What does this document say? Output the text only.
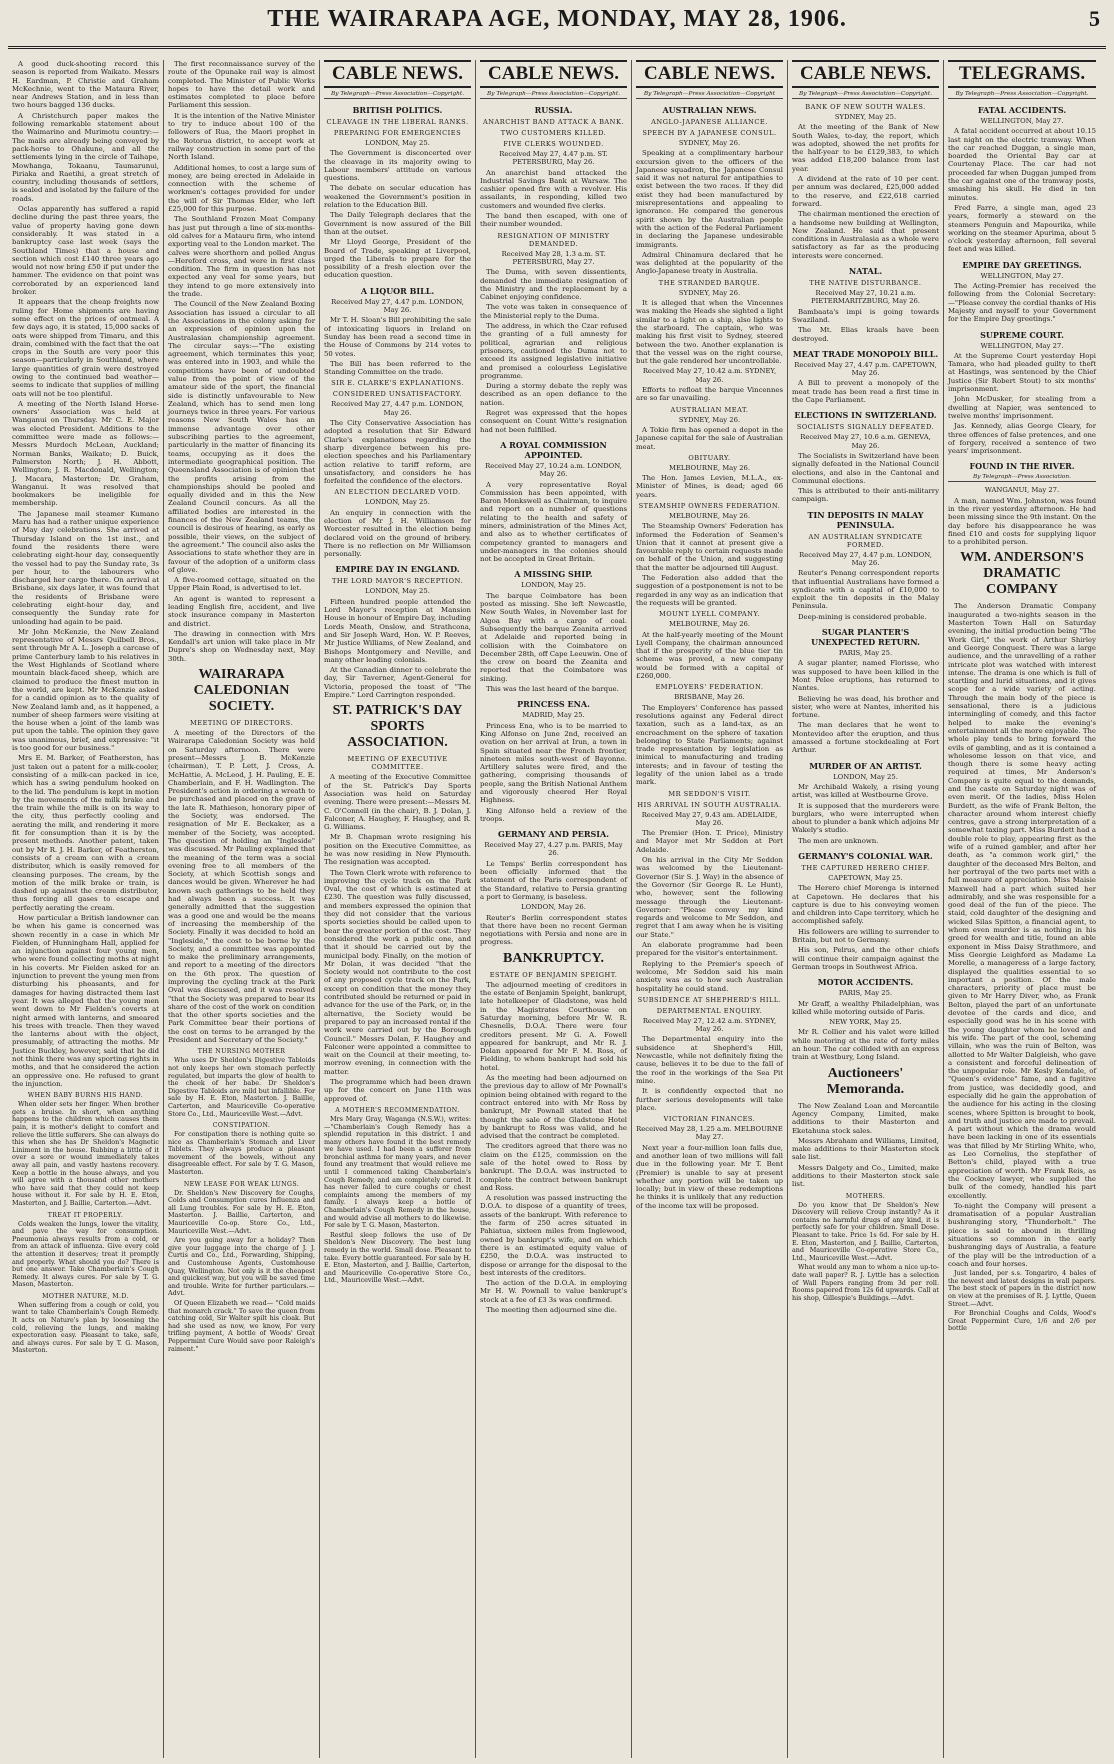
THE WAIRARAPA AGE, MONDAY, MAY 28, 1906.	5
A good duck-shooting record this season is reported from Waikato. Messrs H. Eardman, P. Christie and Graham McKechnie, went to the Mataura River, near Andrews Station, and in less than two hours bagged 136 ducks.
A Christchurch paper makes the following remarkable statement about the Waimarino and Murimotu country:—The mails are already being conveyed by pack-horse to Ohakune, and all the settlements lying in the circle of Taihape, Mowhanga, Tokaanu, Taumarunui, Piriaka and Raetihi, a great stretch of country, including thousands of settlers, is sealed and isolated by the failure of the roads.
Oclas apparently has suffered a rapid decline during the past three years, the value of property having gone down considerably. It was stated in a bankruptcy case last week (says the Southland Times) that a house and section which cost £140 three years ago would not now bring £50 if put under the hammer. The evidence on that point was corroborated by an experienced land broker.
It appears that the cheap freights now ruling for Home shipments are having some effect on the prices of oatmeal. A few days ago, it is stated, 15,000 sacks of oats were shipped from Timaru, and this drain, combined with the fact that the oat crops in the South are very poor this season—particularly in Southland, where large quantities of grain were destroyed owing to the continued bad weather—seems to indicate that supplies of milling oats will not be too plentiful.
A meeting of the North Island Horse-owners' Association was held at Wanganui on Thursday. Mr C. E. Major was elected President. Additions to the committee were made as follows:—Messrs Murdoch McLean, Auckland; Norman Banks, Waikato; D. Buick, Palmerston North; J. H. Abbott, Wellington; J. R. Macdonald, Wellington; J. Macara, Masterton; Dr. Graham, Wanganui. It was resolved that bookmakers be ineligible for membership.
The Japanese mail steamer Kumano Maru has had a rather unique experience of May day celebrations. She arrived at Thursday Island on the 1st inst., and found the residents there were celebrating eight-hour day, consequently the vessel had to pay the Sunday rate, 3s per hour, to the labourers who discharged her cargo there. On arrival at Brisbane, six days later, it was found that the residents of Brisbane were celebrating eight-hour day, and consequently the Sunday rate for unloading had again to be paid.
Mr John McKenzie, the New Zealand representative of Messrs Quilbell Bros., sent through Mr A. L. Joseph a carcase of prime Canterbury lamb to his relatives in the West Highlands of Scotland where mountain black-faced sheep, which are claimed to produce the finest mutton in the world, are kept. Mr McKenzie asked for a candid opinion as to the quality of New Zealand lamb and, as it happened, a number of sheep farmers were visiting at the house when a joint of the lamb was put upon the table. The opinion they gave was unanimous, brief, and expressive: "it is too good for our business."
Mrs E. M. Barker, of Featherston, has just taken out a patent for a milk-cooler, consisting of a milk-can packed in ice, which has a swing pendulum hooked on to the lid. The pendulum is kept in motion by the movements of the milk brake and the train while the milk is on its way to the city, thus perfectly cooling and aerating the milk, and rendering it more fit for consumption than it is by the present methods. Another patent, taken out by Mr R. J. H. Barker, of Featherston, consists of a cream can with a cream distributor, which is easily removed for cleansing purposes. The cream, by the motion of the milk brake or train, is dashed up against the cream distributor, thus forcing all gases to escape and perfectly aerating the cream.
How particular a British landowner can be when his game is concerned was shown recently in a case in which Mr Fielden, of Hunningham Hall, applied for an injunction against four young men, who were found collecting moths at night in his coverts. Mr Fielden asked for an injunction to prevent the young men from disturbing his pheasants, and for damages for having distracted them last year. It was alleged that the young men went down to Mr Fielden's coverts at night armed with lanterns, and smeared his trees with treacle. Then they waved the lanterns about with the object, presumably, of attracting the moths. Mr Justice Buckley, however, said that he did not think there was any sporting rights in moths, and that he considered the action an oppressive one. He refused to grant the injunction.
WHEN BABY BURNS HIS HAND.
When older sets her finger. When brother gets a bruise. In short, when anything happens to the children which causes them pain, it is mother's delight to comfort and relieve the little sufferers. She can always do this when she has Dr Sheldon's Magnetic Liniment in the house. Rubbing a little of it over a sore or wound immediately takes away all pain, and vastly hastens recovery. Keep a bottle in the house always, and you will agree with a thousand other mothers who have said that they could not keep house without it. For sale by H. E. Eton, Masterton, and J. Baillie, Carterton.—Advt.
TREAT IT PROPERLY.
Colds weaken the lungs, lower the vitality, and pave the way for consumption. Pneumonia always results from a cold, or from an attack of influenza. Give every cold the attention it deserves; treat it promptly and properly. What should you do? There is but one answer. Take Chamberlain's Cough Remedy. It always cures. For sale by T. G. Mason, Masterton.
MOTHER NATURE, M.D.
When suffering from a cough or cold, you want to take Chamberlain's Cough Remedy. It acts on Nature's plan by loosening the cold, relieving the lungs, and making expectoration easy. Pleasant to take, safe, and always cures. For sale by T. G. Mason, Masterton.
The first reconnaissance survey of the route of the Opunake rail way is almost completed. The Minister of Public Works hopes to have the detail work and estimates completed to place before Parliament this session.
It is the intention of the Native Minister to try to induce about 100 of the followers of Rua, the Maori prophet in the Rotorua district, to accept work at railway construction in some part of the North Island.
Additional homes, to cost a large sum of money, are being erected in Adelaide in connection with the scheme of workmen's cottages provided for under the will of Sir Thomas Elder, who left £25,000 for this purpose.
The Southland Frozen Meat Company has just put through a line of six-months-old calves for a Matauru firm, who intend exporting veal to the London market. The calves were shorthorn and polled Angus—Hereford cross, and were in first class condition. The firm in question has not expected any veal for some years, but they intend to go more extensively into the trade.
The Council of the New Zealand Boxing Association has issued a circular to all the Associations in the colony asking for an expression of opinion upon the Australasian championship agreement. The circular says:—"The existing agreement, which terminates this year, was entered into in 1903, and while the competitions have been of undoubted value from the point of view of the amateur side of the sport, the financial side is distinctly unfavourable to New Zealand, which has to send men long journeys twice in three years. For various reasons New South Wales has an immense advantage over other subscribing parties to the agreement, particularly in the matter of financing its teams, occupying as it does the intermediate geographical position. The Queensland Association is of opinion that the profits arising from the championships should be pooled and equally divided and in this the New Zealand Council concurs. As all the affiliated bodies are interested in the finances of the New Zealand teams, the council is desirous of hearing, as early as possible, their views, on the subject of the agreement." The council also asks the Associations to state whether they are in favour of the adoption of a uniform class of glove.
A five-roomed cottage, situated on the Upper Plain Road, is advertised to let.
An agent is wanted to represent a leading English fire, accident, and live stock insurance company in Masterton and district.
The drawing in connection with Mrs Kendall's art union will take place in Mr Dupre's shop on Wednesday next, May 30th.
WAIRARAPA CALEDONIAN SOCIETY.
MEETING OF DIRECTORS.
A meeting of the Directors of the Wairarapa Caledonian Society was held on Saturday afternoon. There were present—Messrs J. B. McKenzie (chairman), T. P. Lett, J. Cross, A. McHattie, A. McLeod, J. H. Pauling, E. E. Chamberlain, and F. H. Wadlington. The President's action in ordering a wreath to be purchased and placed on the grave of the late R. Mathieson, honorary piper of the Society, was endorsed. The resignation of Mr E. Beckaker, as a member of the Society, was accepted. The question of holding an "Ingleside" was discussed. Mr Pauling explained that the meaning of the term was a social evening free to all members of the Society, at which Scottish songs and dances would be given. Wherever he had known such gatherings to be held they had always been a success. It was generally admitted that the suggestion was a good one and would be the means of increasing the membership of the Society. Finally it was decided to hold an "Ingleside," the cost to be borne by the Society, and a committee was appointed to make the preliminary arrangements, and report to a meeting of the directors on the 6th prox. The question of improving the cycling track at the Park Oval was discussed, and it was resolved "that the Society was prepared to bear its share of the cost of the work on condition that the other sports societies and the Park Committee bear their portions of the cost on terms to be arranged by the President and Secretary of the Society."
THE NURSING MOTHER
Who uses Dr Sheldon's Digestive Tabloids not only keeps her own stomach perfectly regulated, but imparts the glow of health to the cheek of her babe. Dr Sheldon's Digestive Tabloids are mild but infallible. For sale by H. E. Eton, Masterton. J. Baillie, Carterton, and Mauriceville Co-operative Store Co., Ltd., Mauriceville West.—Advt.
CONSTIPATION.
For constipation there is nothing quite so nice as Chamberlain's Stomach and Liver Tablets. They always produce a pleasant movement of the bowels, without any disagreeable effect. For sale by T. G. Mason, Masterton.
NEW LEASE FOR WEAK LUNGS.
Dr. Sheldon's New Discovery for Coughs, Colds and Consumption cures Influenza and all Lung troubles. For sale by H. E. Eton, Masterton. J. Baillie, Carterton, and Mauriceville Co-op. Store Co., Ltd., Mauriceville West.—Advt.
Are you going away for a holiday? Then give your luggage into the charge of J. J. Curtis and Co., Ltd., Forwarding, Shipping, and Customhouse Agents, Customhouse Quay, Wellington. Not only is it the cheapest and quickest way, but you will be saved time and trouble. Write for further particulars.—Advt.
Of Queen Elizabeth we read— "Cold maids that monarch crack." To save the queen from catching cold, Sir Walter spilt his cloak. But had she used as now, we know, For very trifling payment, A bottle of Woods' Great Peppermint Cure Would save poor Raleigh's raiment."
CABLE NEWS.
By Telegraph—Press Association—Copyright.
BRITISH POLITICS.
CLEAVAGE IN THE LIBERAL RANKS.
PREPARING FOR EMERGENCIES
LONDON, May 25.
The Government is disconcerted over the cleavage in its majority owing to Labour members' attitude on various questions.
The debate on secular education has weakened the Government's position in relation to the Education Bill.
The Daily Telegraph declares that the Government is now assured of the Bill than at the outset.
Mr Lloyd George, President of the Board of Trade, speaking at Liverpool, urged the Liberals to prepare for the possibility of a fresh election over the education question.
A LIQUOR BILL.
Received May 27, 4.47 p.m. LONDON, May 26.
Mr T. H. Sloan's Bill prohibiting the sale of intoxicating liquors in Ireland on Sunday has been read a second time in the House of Commons by 214 votes to 50 votes.
The Bill has been referred to the Standing Committee on the trade.
SIR E. CLARKE'S EXPLANATIONS.
CONSIDERED UNSATISFACTORY.
Received May 27, 4.47 p.m. LONDON, May 26.
The City Conservative Association has adopted a resolution that Sir Edward Clarke's explanations regarding the sharp divergence between his pre-election speeches and his Parliamentary action relative to tariff reform, are unsatisfactory, and considers he has forfeited the confidence of the electors.
AN ELECTION DECLARED VOID.
LONDON, May 25.
An enquiry in connection with the election of Mr J. H. Williamson for Worcester resulted in the election being declared void on the ground of bribery. There is no reflection on Mr Williamson personally.
EMPIRE DAY IN ENGLAND.
THE LORD MAYOR'S RECEPTION.
LONDON, May 25.
Fifteen hundred people attended the Lord Mayor's reception at Mansion House in honour of Empire Day, including Lords Meath, Onslow, and Strathcona, and Sir Joseph Ward, Hon. W. P. Reeves, Mr Justice Williams, of New Zealand, and Bishops Montgomery and Neville, and many other leading colonials.
At the Canadian dinner to celebrate the day, Sir Taverner, Agent-General for Victoria, proposed the toast of "The Empire." Lord Carrington responded.
ST. PATRICK'S DAY SPORTS ASSOCIATION.
MEETING OF EXECUTIVE COMMITTEE.
A meeting of the Executive Committee of the St. Patrick's Day Sports Association was held on Saturday evening. There were present:—Messrs M. C. O'Connell (in the chair), B. J. Dolan, J. Falconer, A. Haughey, F. Haughey, and R. G. Williams.
Mr B. Chapman wrote resigning his position on the Executive Committee, as he was now residing in New Plymouth. The resignation was accepted.
The Town Clerk wrote with reference to improving the cycle track on the Park Oval, the cost of which is estimated at £230. The question was fully discussed, and members expressed the opinion that they did not consider that the various sports societies should be called upon to bear the greater portion of the cost. They considered the work a public one, and that it should be carried out by the municipal body. Finally, on the motion of Mr Dolan, it was decided "that the Society would not contribute to the cost of any proposed cycle track on the Park, except on condition that the money they contributed should be returned or paid in advance for the use of the Park, or, in the alternative, the Society would be prepared to pay an increased rental if the work were carried out by the Borough Council." Messrs Dolan, F. Haughey and Falconer were appointed a committee to wait on the Council at their meeting, to-morrow evening, in connection with the matter.
The programme which had been drawn up for the concert on June 11th was approved of.
A MOTHER'S RECOMMENDATION.
Mrs Mary Gray, Waganga (N.S.W.), writes:—"Chamberlain's Cough Remedy has a splendid reputation in this district. I and many others have found it the best remedy we have used. I had been a sufferer from bronchial asthma for many years, and never found any treatment that would relieve me until I commenced taking Chamberlain's Cough Remedy, and am completely cured. It has never failed to cure coughs or chest complaints among the members of my family. I always keep a bottle of Chamberlain's Cough Remedy in the house, and would advise all mothers to do likewise. For sale by T. G. Mason, Masterton.
Restful sleep follows the use of Dr Sheldon's New Discovery. The best lung remedy in the world. Small dose. Pleasant to take. Every bottle guaranteed. For sale by H. E. Eton, Masterton, and J. Baillie, Carterton, and Mauriceville Co-operative Store Co., Ltd., Mauriceville West.—Advt.
CABLE NEWS.
By Telegraph—Press Association—Copyright.
RUSSIA.
ANARCHIST BAND ATTACK A BANK.
TWO CUSTOMERS KILLED.
FIVE CLERKS WOUNDED.
Received May 27, 4.47 p.m. ST. PETERSBURG, May 26.
An anarchist band attacked the Industrial Savings Bank at Warsaw. The cashier opened fire with a revolver. His assailants, in responding, killed two customers and wounded five clerks.
The band then escaped, with one of their number wounded.
RESIGNATION OF MINISTRY DEMANDED.
Received May 28, 1.3 a.m. ST. PETERSBURG, May 27.
The Duma, with seven dissentients, demanded the immediate resignation of the Ministry and the replacement by a Cabinet enjoying confidence.
The vote was taken in consequence of the Ministerial reply to the Duma.
The address, in which the Czar refused the granting of a full amnesty for political, agrarian and religious prisoners, cautioned the Duma not to exceed its assigned legislative initiative and promised a colourless Legislative programme.
During a stormy debate the reply was described as an open defiance to the nation.
Regret was expressed that the hopes consequent on Count Witte's resignation had not been fulfilled.
A ROYAL COMMISSION APPOINTED.
Received May 27, 10.24 a.m. LONDON, May 26.
A very representative Royal Commission has been appointed, with Baron Monkswell as Chairman, to inquire and report on a number of questions relating to the health and safety of miners, administration of the Mines Act, and also as to whether certificates of competency granted to managers and under-managers in the colonies should not be accepted in Great Britain.
A MISSING SHIP.
LONDON, May 25.
The barque Coimbatore has been posted as missing. She left Newcastle, New South Wales, in November last for Algoa Bay with a cargo of coal. Subsequently the barque Zeanita arrived at Adelaide and reported being in collision with the Coimbatore on December 28th, off Cape Leeuwin. One of the crew on board the Zeanita and reported that the Coimbatore was sinking.
This was the last heard of the barque.
PRINCESS ENA.
MADRID, May 25.
Princess Ena, who is to be married to King Alfonso on June 2nd, received an ovation on her arrival at Irun, a town in Spain situated near the French frontier, nineteen miles south-west of Bayonne. Artillery salutes were fired, and the gathering, comprising thousands of people, sang the British National Anthem and vigorously cheered Her Royal Highness.
King Alfonso held a review of the troops.
GERMANY AND PERSIA.
Received May 27, 4.27 p.m. PARIS, May 26.
Le Temps' Berlin correspondent has been officially informed that the statement of the Paris correspondent of the Standard, relative to Persia granting a port to Germany, is baseless.
LONDON, May 26.
Reuter's Berlin correspondent states that there have been no recent German negotiations with Persia and none are in progress.
BANKRUPTCY.
ESTATE OF BENJAMIN SPEIGHT.
The adjourned meeting of creditors in the estate of Benjamin Speight, bankrupt, late hotelkeeper of Gladstone, was held in the Magistrates Courthouse on Saturday morning, before Mr W. R. Chesnells, D.O.A. There were four creditors present. Mr G. A. Fowell appeared for bankrupt, and Mr R. J. Dolan appeared for Mr F. M. Ross, of Fielding, to whom bankrupt had sold his hotel.
As the meeting had been adjourned on the previous day to allow of Mr Pownall's opinion being obtained with regard to the contract entered into with Mr Ross by bankrupt, Mr Pownall stated that he thought the sale of the Gladstone Hotel by bankrupt to Ross was valid, and he advised that the contract be completed.
The creditors agreed that there was no claim on the £125, commission on the sale of the hotel owed to Ross by bankrupt. The D.O.A. was instructed to complete the contract between bankrupt and Ross.
A resolution was passed instructing the D.O.A. to dispose of a quantity of trees, assets of the bankrupt. With reference to the farm of 250 acres situated in Pahiatua, sixteen miles from Inglewood, owned by bankrupt's wife, and on which there is an estimated equity value of £250, the D.O.A. was instructed to dispose or arrange for the disposal to the best interests of the creditors.
The action of the D.O.A. in employing Mr H. W. Pownall to value bankrupt's stock at a fee of £3 3s was confirmed.
The meeting then adjourned sine die.
CABLE NEWS.
By Telegraph—Press Association—Copyright
AUSTRALIAN NEWS.
ANGLO-JAPANESE ALLIANCE.
SPEECH BY A JAPANESE CONSUL.
SYDNEY, May 26.
Speaking at a complimentary harbour excursion given to the officers of the Japanese squadron, the Japanese Consul said it was not natural for antipathies to exist between the two races. If they did exist they had been manufactured by misrepresentations and appealing to ignorance. He compared the generous spirit shown by the Australian people with the action of the Federal Parliament in declaring the Japanese undesirable immigrants.
Admiral Chinamura declared that he was delighted at the popularity of the Anglo-Japanese treaty in Australia.
THE STRANDED BARQUE.
SYDNEY, May 26.
It is alleged that when the Vincennes was making the Heads she sighted a light similar to a light on a ship, also lights to the starboard. The captain, who was making his first visit to Sydney, steered between the two. Another explanation is that the vessel was on the right course, but the gale rendered her uncontrollable.
Received May 27, 10.42 a.m. SYDNEY, May 26.
Efforts to refloat the barque Vincennes are so far unavailing.
AUSTRALIAN MEAT.
SYDNEY, May 26.
A Tokio firm has opened a depot in the Japanese capital for the sale of Australian meat.
OBITUARY.
MELBOURNE, May 26.
The Hon. James Levien, M.L.A., ex-Minister of Mines, is dead; aged 66 years.
STEAMSHIP OWNERS FEDERATION.
MELBOURNE, May 26.
The Steamship Owners' Federation has informed the Federation of Seamen's Union that it cannot at present give a favourable reply to certain requests made on behalf of the Union, and suggesting that the matter be adjourned till August.
The Federation also added that the suggestion of a postponement is not to be regarded in any way as an indication that the requests will be granted.
MOUNT LYELL COMPANY.
MELBOURNE, May 26.
At the half-yearly meeting of the Mount Lyell Company, the chairman announced that if the prosperity of the blue tier tin scheme was proved, a new company would be formed with a capital of £260,000.
EMPLOYERS' FEDERATION.
BRISBANE, May 26.
The Employers' Conference has passed resolutions against any Federal direct taxation, such as a land-tax, as an encroachment on the sphere of taxation belonging to State Parliaments; against trade representation by legislation as inimical to manufacturing and trading interests; and in favour of testing the legality of the union label as a trade mark.
MR SEDDON'S VISIT.
HIS ARRIVAL IN SOUTH AUSTRALIA.
Received May 27, 9.43 am. ADELAIDE, May 26.
The Premier (Hon. T. Price), Ministry and Mayor met Mr Seddon at Port Adelaide.
On his arrival in the City Mr Seddon was welcomed by the Lieutenant-Governor (Sir S. J. Way) in the absence of the Governor (Sir George R. Le Hunt), who, however, sent the following message through the Lieutenant-Governor: "Please convey my kind regards and welcome to Mr Seddon, and regret that I am away when he is visiting our State."
An elaborate programme had been prepared for the visitor's entertainment.
Replying to the Premier's speech of welcome, Mr Seddon said his main anxiety was as to how such Australian hospitality he could stand.
SUBSIDENCE AT SHEPHERD'S HILL.
DEPARTMENTAL ENQUIRY.
Received May 27, 12.42 a.m. SYDNEY, May 26.
The Departmental enquiry into the subsidence at Shepherd's Hill, Newcastle, while not definitely fixing the cause, believes it to be due to the fall of the roof in the workings of the Sea Pit mine.
It is confidently expected that no further serious developments will take place.
VICTORIAN FINANCES.
Received May 28, 1.25 a.m. MELBOURNE May 27.
Next year a four-million loan falls due, and another loan of two millions will fall due in the following year. Mr T. Bent (Premier) is unable to say at present whether any portion will be taken up locally; but in view of these redemptions he thinks it is unlikely that any reduction of the income tax will be proposed.
CABLE NEWS.
By Telegraph—Press Association—Copyright.
BANK OF NEW SOUTH WALES.
SYDNEY, May 25.
At the meeting of the Bank of New South Wales, to-day, the report, which was adopted, showed the net profits for the half-year to be £129,383, to which was added £18,200 balance from last year.
A dividend at the rate of 10 per cent. per annum was declared, £25,000 added to the reserve, and £22,618 carried forward.
The chairman mentioned the erection of a handsome new building at Wellington, New Zealand. He said that present conditions in Australasia as a whole were satisfactory as far as the producing interests were concerned.
NATAL.
THE NATIVE DISTURBANCE.
Received May 27, 10.21 a.m. PIETERMARITZBURG, May 26.
Bambaata's impi is going towards Swaziland.
The Mt. Elias kraals have been destroyed.
MEAT TRADE MONOPOLY BILL.
Received May 27, 4.47 p.m. CAPETOWN, May 26.
A Bill to prevent a monopoly of the meat trade has been read a first time in the Cape Parliament.
ELECTIONS IN SWITZERLAND.
SOCIALISTS SIGNALLY DEFEATED.
Received May 27, 10.6 a.m. GENEVA, May 26.
The Socialists in Switzerland have been signally defeated in the National Council elections, and also in the Cantonal and Communal elections.
This is attributed to their anti-militarry campaign.
TIN DEPOSITS IN MALAY PENINSULA.
AN AUSTRALIAN SYNDICATE FORMED.
Received May 27, 4.47 p.m. LONDON, May 26.
Reuter's Penang correspondent reports that influential Australians have formed a syndicate with a capital of £10,000 to exploit the tin deposits in the Malay Peninsula.
Deep-mining is considered probable.
SUGAR PLANTER'S UNEXPECTED RETURN.
PARIS, May 25.
A sugar planter, named Florisse, who was supposed to have been killed in the Mont Pelee eruptions, has returned to Nantes.
Believing he was dead, his brother and sister, who were at Nantes, inherited his fortune.
The man declares that he went to Montevideo after the eruption, and thus amassed a fortune stockdealing at Fort Arthur.
MURDER OF AN ARTIST.
LONDON, May 25.
Mr Archibald Wakely, a rising young artist, was killed at Westbourne Grove.
It is supposed that the murderers were burglars, who were interrupted when about to plunder a bank which adjoins Mr Wakely's studio.
The men are unknown.
GERMANY'S COLONIAL WAR.
THE CAPTURED HERERO CHIEF.
CAPETOWN, May 25.
The Herero chief Morenga is interned at Capetown. He declares that his capture is due to his conveying women and children into Cape territory, which he accomplished safely.
His followers are willing to surrender to Britain, but not to Germany.
His son, Pelrus, and the other chiefs will continue their campaign against the German troops in Southwest Africa.
MOTOR ACCIDENTS.
PARIS, May 25.
Mr Graff, a wealthy Philadelphian, was killed while motoring outside of Paris.
NEW YORK, May 25.
Mr R. Collier and his valet were killed while motoring at the rate of forty miles an hour. The car collided with an express train at Westbury, Long Island.
Auctioneers' Memoranda.
The New Zealand Loan and Mercantile Agency Company, Limited, make additions to their Masterton and Eketahuna stock sales.
Messrs Abraham and Williams, Limited, make additions to their Masterton stock sale list.
Messrs Dalgety and Co., Limited, make additions to their Masterton stock sale list.
MOTHERS.
Do you know that Dr Sheldon's New Discovery will relieve Croup instantly? As it contains no harmful drugs of any kind, it is perfectly safe for your children. Small Dose. Pleasant to take. Price 1s 6d. For sale by H. E. Eton, Masterton, and J. Baillie, Carterton, and Mauriceville Co-operative Store Co., Ltd., Mauriceville West.—Advt.
What would any man to whom a nice up-to-date wall paper? R. J. Lyttle has a selection of Wall Papers ranging from 3d per roll. Rooms papered from 12s 6d upwards. Call at his shop, Gillespie's Buildings.—Advt.
TELEGRAMS.
By Telegraph—Press Association—Copyright.
FATAL ACCIDENTS.
WELLINGTON, May 27.
A fatal accident occurred at about 10.15 last night on the electric tramway. When the car reached Duggan, a single man, boarded the Oriental Bay car at Courtenay Place. The car had not proceeded far when Duggan jumped from the car against one of the tramway posts, smashing his skull. He died in ten minutes.
Fred Farre, a single man, aged 23 years, formerly a steward on the steamers Penguin and Mapourika, while working on the steamer Apurima, about 5 o'clock yesterday afternoon, fell several feet and was killed.
EMPIRE DAY GREETINGS.
WELLINGTON, May 27.
The Acting-Premier has received the following from the Colonial Secretary:—"Please convey the cordial thanks of His Majesty and myself to your Government for the Empire Day greetings."
SUPREME COURT.
WELLINGTON, May 27.
At the Supreme Court yesterday Hopi Tamara, who had pleaded guilty to theft at Hastings, was sentenced by the Chief Justice (Sir Robert Stout) to six months' imprisonment.
John McDusker, for stealing from a dwelling at Napier, was sentenced to twelve months' imprisonment.
Jas. Kennedy, alias George Cleary, for three offences of false pretences, and one of forgery, received a sentence of two years' imprisonment.
FOUND IN THE RIVER.
By Telegraph—Press Association.
WANGANUI, May 27.
A man, named Wm. Johnston, was found in the river yesterday afternoon. He had been missing since the 9th instant. On the day before his disappearance he was fined £10 and costs for supplying liquor to a prohibited person.
WM. ANDERSON'S DRAMATIC COMPANY
The Anderson Dramatic Company inaugurated a two-nights season in the Masterton Town Hall on Saturday evening, the initial production being "The Work Girl," the work of Arthur Shirley and George Conquest. There was a large audience, and the unravelling of a rather intricate plot was watched with interest intense. The drama is one which is full of startling and lurid situations, and it gives scope for a wide variety of acting. Through the main body of the piece is sensational, there is a judicious intermingling of comedy, and this factor helped to make the evening's entertainment all the more enjoyable. The whole play tends to bring forward the evils of gambling, and as it is contained a wholesome lesson on that vice, and though there is some heavy acting required at times, Mr Anderson's Company is quite equal to the demands, and the caste on Saturday night was of even merit. Of the ladies, Miss Helen Burdett, as the wife of Frank Belton, the character around whom interest chiefly centres, gave a strong interpretation of a somewhat taxing part. Miss Burdett had a double role to play, appearing first as the wife of a ruined gambler, and after her death, as "a common work girl," the daughter of the deceased Mrs Belton, and her portrayal of the two parts met with a full measure of appreciation. Miss Maisie Maxwell had a part which suited her admirably, and she was responsible for a good deal of the fun of the piece. The staid, cold daughter of the designing and wicked Silas Spitton, a financial agent, to whom even murder is as nothing in his greed for wealth and title, found an able exponent in Miss Daisy Strathmore, and Miss Georgie Leighford as Madame La Morelle, a manageress of a large factory, displayed the qualities essential to so important a position. Of the male characters, priority of place must be given to Mr Harry Diver, who, as Frank Belton, played the part of an unfortunate devotee of the cards and dice, and especially good was he in his scene with the young daughter whom he loved and his wife. The part of the cool, scheming villain, who was the ruin of Belton, was allotted to Mr Walter Dalgleish, who gave a consistent and forceful delineation of the unpopular role. Mr Kesly Kendale, of "Queen's evidence" fame, and a fugitive from justice, was decidedly good, and especially did he gain the approbation of the audience for his acting in the closing scenes, where Spitton is brought to book, and truth and justice are made to prevail. A part without which the drama would have been lacking in one of its essentials was that filled by Mr Stirling White, who, as Leo Cornelius, the stepfather of Betton's child, played with a true appreciation of worth. Mr Frank Reis, as the Cockney lawyer, who supplied the bulk of the comedy, handled his part excellently.
To-night the Company will present a dramatisation of a popular Australian bushranging story, "Thunderbolt." The piece is said to abound in thrilling situations so common in the early bushranging days of Australia, a feature of the play will be the introduction of a coach and four horses.
Just landed, per s.s. Tongariro, 4 bales of the newest and latest designs in wall papers. The best stock of papers in the district now on view at the premises of R. J. Lyttle, Queen Street.—Advt.
For Bronchial Coughs and Colds, Wood's Great Peppermint Cure, 1/6 and 2/6 per bottle
